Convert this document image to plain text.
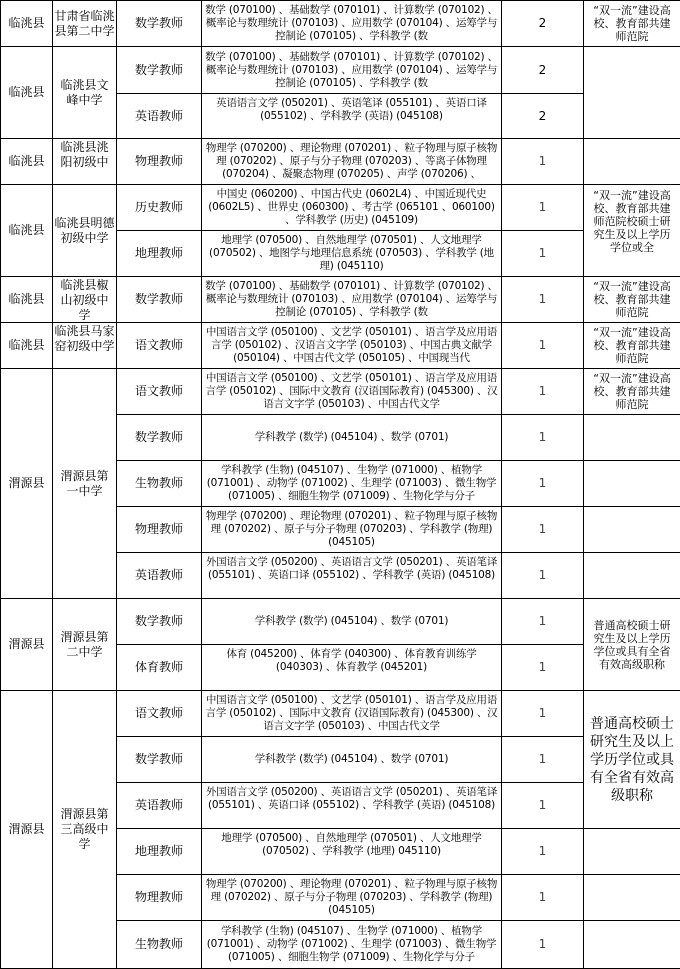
临洮县	甘肃省临洮县第二中学	数学教师	数学 (070100) 、基础数学 (070101) 、计算数学 (070102) 、概率论与数理统计 (070103) 、应用数学 (070104) 、运筹学与控制论 (070105) 、学科教学 (数	2	“双一流”建设高校、教育部共建师范院

临洮县	临洮县文峰中学	数学教师	数学 (070100) 、基础数学 (070101) 、计算数学 (070102) 、概率论与数理统计 (070103) 、应用数学 (070104) 、运筹学与控制论 (070105) 、学科教学 (数	2	
		英语教师	英语语言文学 (050201) 、英语笔译 (055101) 、英语口译 (055102) 、学科教学 (英语) (045108)	2	
临洮县	临洮县洮阳初级中	物理教师	物理学 (070200) 、理论物理 (070201) 、粒子物理与原子核物理 (070202) 、原子与分子物理 (070203) 、等离子体物理 (070204) 、凝聚态物理 (070205) 、声学 (070206) 、	1	
临洮县	临洮县明德初级中学	历史教师	中国史 (060200) 、中国古代史 (0602L4) 、中国近现代史 (0602L5) 、世界史 (060300) 、考古学 (065101 、060100) 、学科教学 (历史) (045109)	1	“双一流”建设高校、教育部共建师范院校硕士研究生及以上学历学位或全

		地理教师	地理学 (070500) 、自然地理学 (070501) 、人文地理学 (070502) 、地图学与地理信息系统 (070503) 、学科教学 (地理) (045110)	1	
临洮县	临洮县椒山初级中学	数学教师	数学 (070100) 、基础数学 (070101) 、计算数学 (070102) 、概率论与数理统计 (070103) 、应用数学 (070104) 、运筹学与控制论 (070105) 、学科教学 (数	1	“双一流”建设高校、教育部共建师范院

临洮县	临洮县马家窑初级中学	语文教师	中国语言文学 (050100) 、文艺学 (050101) 、语言学及应用语言学 (050102) 、汉语言文字学 (050103) 、中国古典文献学 (050104) 、中国古代文学 (050105) 、中国现当代	1	“双一流”建设高校、教育部共建师范院

渭源县	渭源县第一中学	语文教师	中国语言文学 (050100) 、文艺学 (050101) 、语言学及应用语言学 (050102) 、国际中文教育 (汉语国际教育) (045300) 、汉语言文字学 (050103) 、中国古代文学	1	“双一流”建设高校、教育部共建师范院

		数学教师	学科教学 (数学) (045104) 、数学 (0701)	1	
		生物教师	学科教学 (生物) (045107) 、生物学 (071000) 、植物学 (071001) 、动物学 (071002) 、生理学 (071003) 、微生物学 (071005) 、细胞生物学 (071009) 、生物化学与分子	1	
		物理教师	物理学 (070200) 、理论物理 (070201) 、粒子物理与原子核物理 (070202) 、原子与分子物理 (070203) 、学科教学 (物理) (045105)	1	
		英语教师	外国语言文学 (050200) 、英语语言文学 (050201) 、英语笔译 (055101) 、英语口译 (055102) 、学科教学 (英语) (045108)	1	
渭源县	渭源县第二中学	数学教师	学科教学 (数学) (045104) 、数学 (0701)	1	普通高校硕士研究生及以上学历学位或具有全省有效高级职称

		体育教师	体育 (045200) 、体育学 (040300) 、体育教育训练学 (040303) 、体育教学 (045201)	1	
渭源县	渭源县第三高级中学	语文教师	中国语言文学 (050100) 、文艺学 (050101) 、语言学及应用语言学 (050102) 、国际中文教育 (汉语国际教育) (045300) 、汉语言文字学 (050103) 、中国古代文学	1	普通高校硕士研究生及以上学历学位或具有全省有效高级职称

		数学教师	学科教学 (数学) (045104) 、数学 (0701)	1	
		英语教师	外国语言文学 (050200) 、英语语言文学 (050201) 、英语笔译 (055101) 、英语口译 (055102) 、学科教学 (英语) (045108)	1	
		地理教师	地理学 (070500) 、自然地理学 (070501) 、人文地理学 (070502) 、学科教学 (地理) 045110)	1	
		物理教师	物理学 (070200) 、理论物理 (070201) 、粒子物理与原子核物理 (070202) 、原子与分子物理 (070203) 、学科教学 (物理) (045105)	1	
		生物教师	学科教学 (生物) (045107) 、生物学 (071000) 、植物学 (071001) 、动物学 (071002) 、生理学 (071003) 、微生物学 (071005) 、细胞生物学 (071009) 、生物化学与分子	1	
